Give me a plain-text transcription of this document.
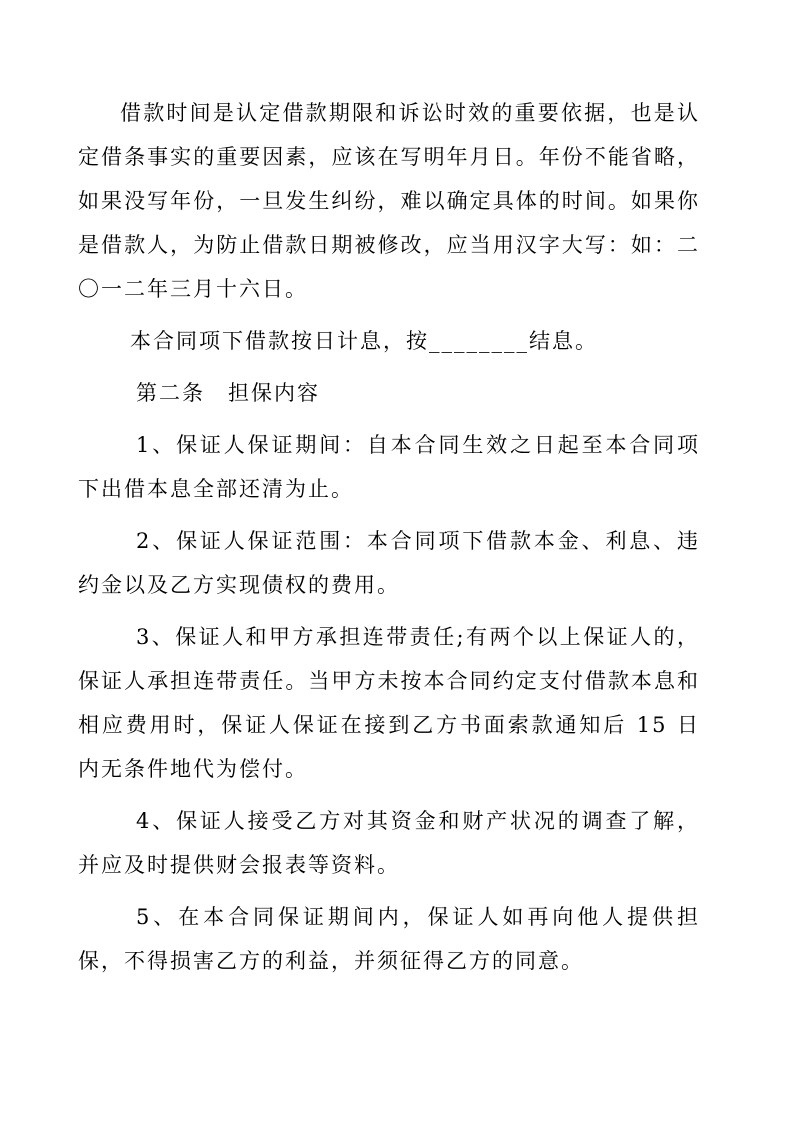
借款时间是认定借款期限和诉讼时效的重要依据，也是认定借条事实的重要因素，应该在写明年月日。年份不能省略，如果没写年份，一旦发生纠纷，难以确定具体的时间。如果你是借款人，为防止借款日期被修改，应当用汉字大写：如：二〇一二年三月十六日。

本合同项下借款按日计息，按________结息。

第二条　担保内容

1、保证人保证期间：自本合同生效之日起至本合同项下出借本息全部还清为止。

2、保证人保证范围：本合同项下借款本金、利息、违约金以及乙方实现债权的费用。

3、保证人和甲方承担连带责任;有两个以上保证人的，保证人承担连带责任。当甲方未按本合同约定支付借款本息和相应费用时，保证人保证在接到乙方书面索款通知后 15 日内无条件地代为偿付。

4、保证人接受乙方对其资金和财产状况的调查了解，并应及时提供财会报表等资料。

5、在本合同保证期间内，保证人如再向他人提供担保，不得损害乙方的利益，并须征得乙方的同意。
